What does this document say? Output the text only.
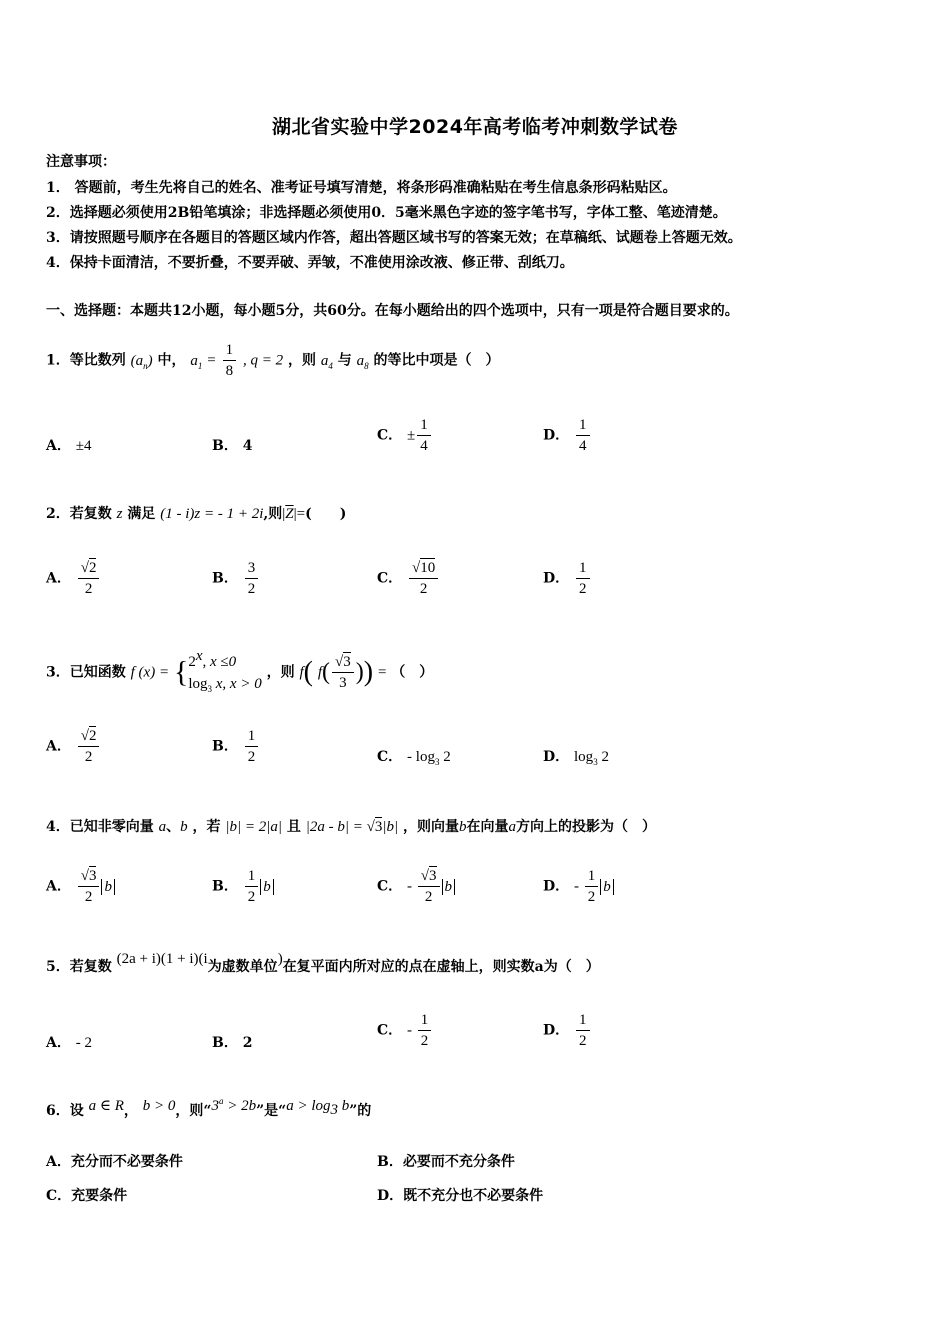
湖北省实验中学2024年高考临考冲刺数学试卷
注意事项：
1． 答题前，考生先将自己的姓名、准考证号填写清楚，将条形码准确粘贴在考生信息条形码粘贴区。
2．选择题必须使用2B铅笔填涂；非选择题必须使用0．5毫米黑色字迹的签字笔书写，字体工整、笔迹清楚。
3．请按照题号顺序在各题目的答题区域内作答，超出答题区域书写的答案无效；在草稿纸、试题卷上答题无效。
4．保持卡面清洁，不要折叠，不要弄破、弄皱，不准使用涂改液、修正带、刮纸刀。
一、选择题：本题共12小题，每小题5分，共60分。在每小题给出的四个选项中，只有一项是符合题目要求的。
1．等比数列 $(a_n)$ 中， $a_1 = \frac{1}{8}$ , q = 2 ，则 $a_4$ 与 $a_8$ 的等比中项是（　）
A． ±4	B． 4
C． ± $\frac{1}{4}$	D． $\frac{1}{4}$
2．若复数 z 满足 (1 - i)z = - 1 + 2i,则$|\overline{Z}|=$(　　)
A． $\frac{√2}{2}$	B． $\frac{3}{2}$	C． $\frac{√10}{2}$	D． $\frac{1}{2}$
3．已知函数 f (x) = { 2$^x$, x ≤0
$\log_3 x$, x > 0
，则 f( $f( \frac{√3}{3}$ )) = （　）
A． $\frac{√2}{2}$	B． $\frac{1}{2}$	C． - $\log_3 2$	D． $\log_3 2$
4．已知非零向量 a、b ，若 |b| = 2|a| 且 |2a - b| = √3|b| ，则向量b在向量a方向上的投影为（　）
A． $\frac{√3}{2}$ b	B． $\frac{1}{2}$ b	C． - $\frac{√3}{2}$ b	D． - $\frac{1}{2}$ b
5．若复数 (2a + i)(1 + i)(i为虚数单位)在复平面内所对应的点在虚轴上，则实数a为（　）
A． - 2	B． 2
C． - $\frac{1}{2}$	D． $\frac{1}{2}$
6．设 a ∈ R， b > 0，则“$3^a > 2b$”是“$a > \log_3 b$”的
A．充分而不必要条件	B．必要而不充分条件
C．充要条件	D．既不充分也不必要条件
